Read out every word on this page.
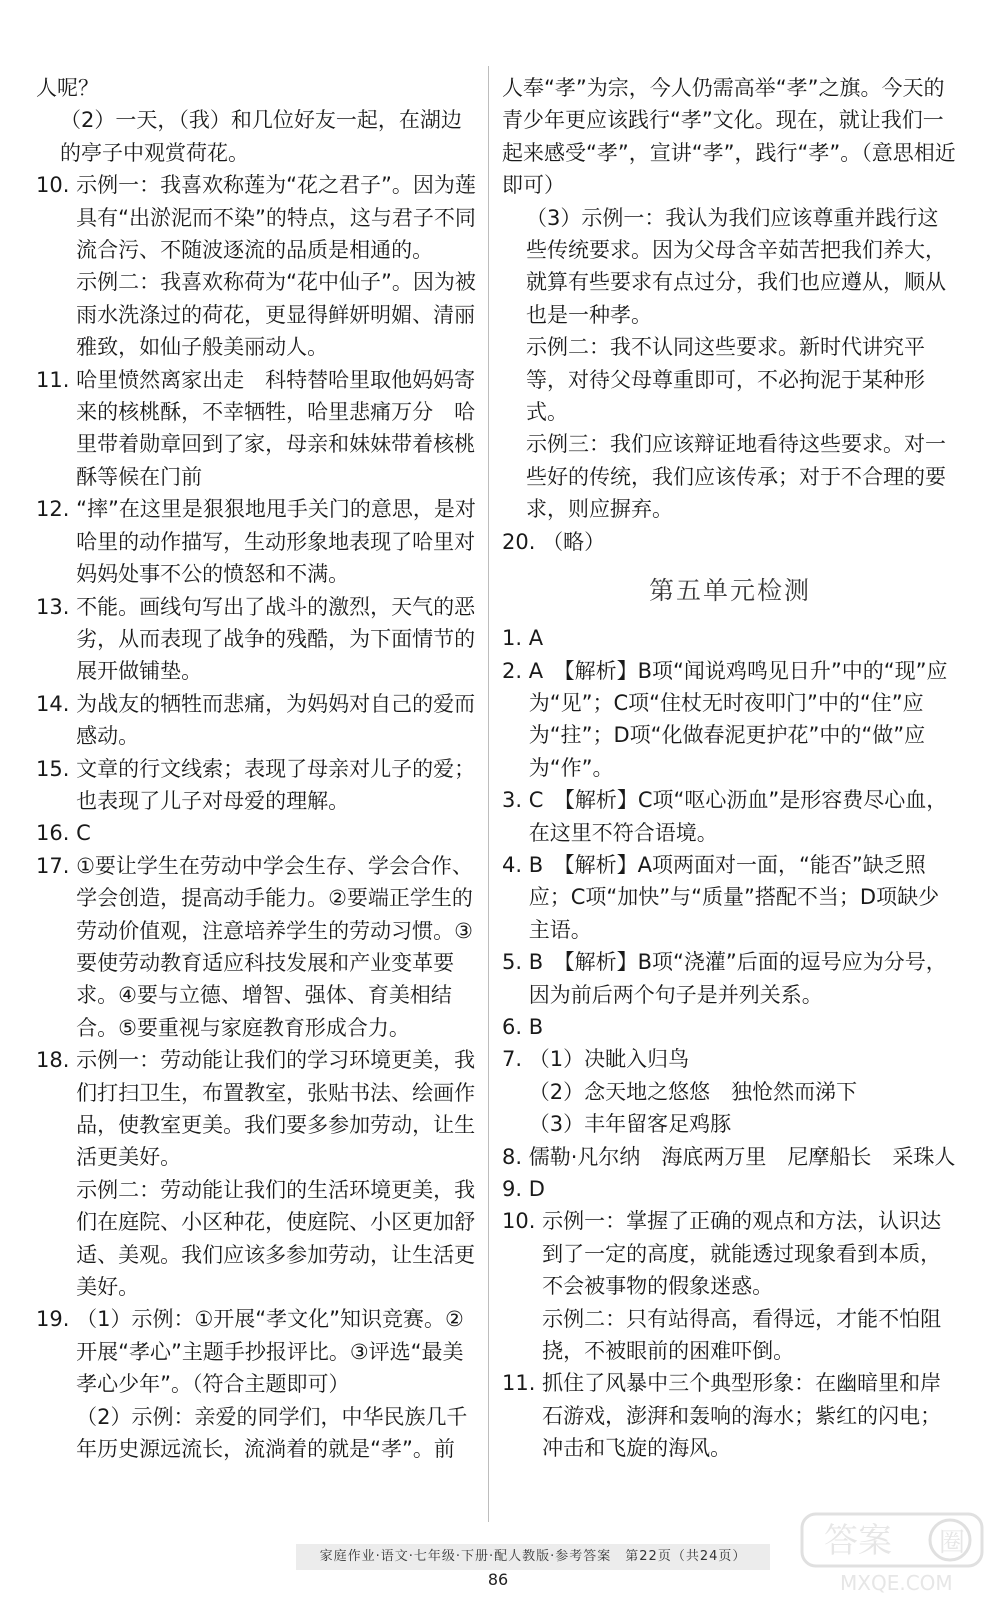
人呢？
（2）一天，（我）和几位好友一起，在湖边的亭子中观赏荷花。
10. 示例一：我喜欢称莲为“花之君子”。因为莲具有“出淤泥而不染”的特点，这与君子不同流合污、不随波逐流的品质是相通的。
示例二：我喜欢称荷为“花中仙子”。因为被雨水洗涤过的荷花，更显得鲜妍明媚、清丽雅致，如仙子般美丽动人。
11. 哈里愤然离家出走　科特替哈里取他妈妈寄来的核桃酥，不幸牺牲，哈里悲痛万分　哈里带着勋章回到了家，母亲和妹妹带着核桃酥等候在门前
12. “摔”在这里是狠狠地甩手关门的意思，是对哈里的动作描写，生动形象地表现了哈里对妈妈处事不公的愤怒和不满。
13. 不能。画线句写出了战斗的激烈，天气的恶劣，从而表现了战争的残酷，为下面情节的展开做铺垫。
14. 为战友的牺牲而悲痛，为妈妈对自己的爱而感动。
15. 文章的行文线索；表现了母亲对儿子的爱；也表现了儿子对母爱的理解。
16. C
17. ①要让学生在劳动中学会生存、学会合作、学会创造，提高动手能力。②要端正学生的劳动价值观，注意培养学生的劳动习惯。③要使劳动教育适应科技发展和产业变革要求。④要与立德、增智、强体、育美相结合。⑤要重视与家庭教育形成合力。
18. 示例一：劳动能让我们的学习环境更美，我们打扫卫生，布置教室，张贴书法、绘画作品，使教室更美。我们要多参加劳动，让生活更美好。
示例二：劳动能让我们的生活环境更美，我们在庭院、小区种花，使庭院、小区更加舒适、美观。我们应该多参加劳动，让生活更美好。
19. （1）示例：①开展“孝文化”知识竞赛。②开展“孝心”主题手抄报评比。③评选“最美孝心少年”。（符合主题即可）
（2）示例：亲爱的同学们，中华民族几千年历史源远流长，流淌着的就是“孝”。前
人奉“孝”为宗，今人仍需高举“孝”之旗。今天的青少年更应该践行“孝”文化。现在，就让我们一起来感受“孝”，宣讲“孝”，践行“孝”。（意思相近即可）
（3）示例一：我认为我们应该尊重并践行这些传统要求。因为父母含辛茹苦把我们养大，就算有些要求有点过分，我们也应遵从，顺从也是一种孝。
示例二：我不认同这些要求。新时代讲究平等，对待父母尊重即可，不必拘泥于某种形式。
示例三：我们应该辩证地看待这些要求。对一些好的传统，我们应该传承；对于不合理的要求，则应摒弃。
20. （略）
第五单元检测
1. A
2. A　【解析】B项“闻说鸡鸣见日升”中的“现”应为“见”；C项“住杖无时夜叩门”中的“住”应为“拄”；D项“化做春泥更护花”中的“做”应为“作”。
3. C　【解析】C项“呕心沥血”是形容费尽心血，在这里不符合语境。
4. B　【解析】A项两面对一面，“能否”缺乏照应；C项“加快”与“质量”搭配不当；D项缺少主语。
5. B　【解析】B项“浇灌”后面的逗号应为分号，因为前后两个句子是并列关系。
6. B
7. （1）决眦入归鸟
（2）念天地之悠悠　独怆然而涕下
（3）丰年留客足鸡豚
8. 儒勒·凡尔纳　海底两万里　尼摩船长　采珠人
9. D
10. 示例一：掌握了正确的观点和方法，认识达到了一定的高度，就能透过现象看到本质，不会被事物的假象迷惑。
示例二：只有站得高，看得远，才能不怕阻挠，不被眼前的困难吓倒。
11. 抓住了风暴中三个典型形象：在幽暗里和岸石游戏，澎湃和轰响的海水；紫红的闪电；冲击和飞旋的海风。
家庭作业·语文·七年级·下册·配人教版·参考答案　第22页（共24页）
86
答案 圈
MXQE.COM
